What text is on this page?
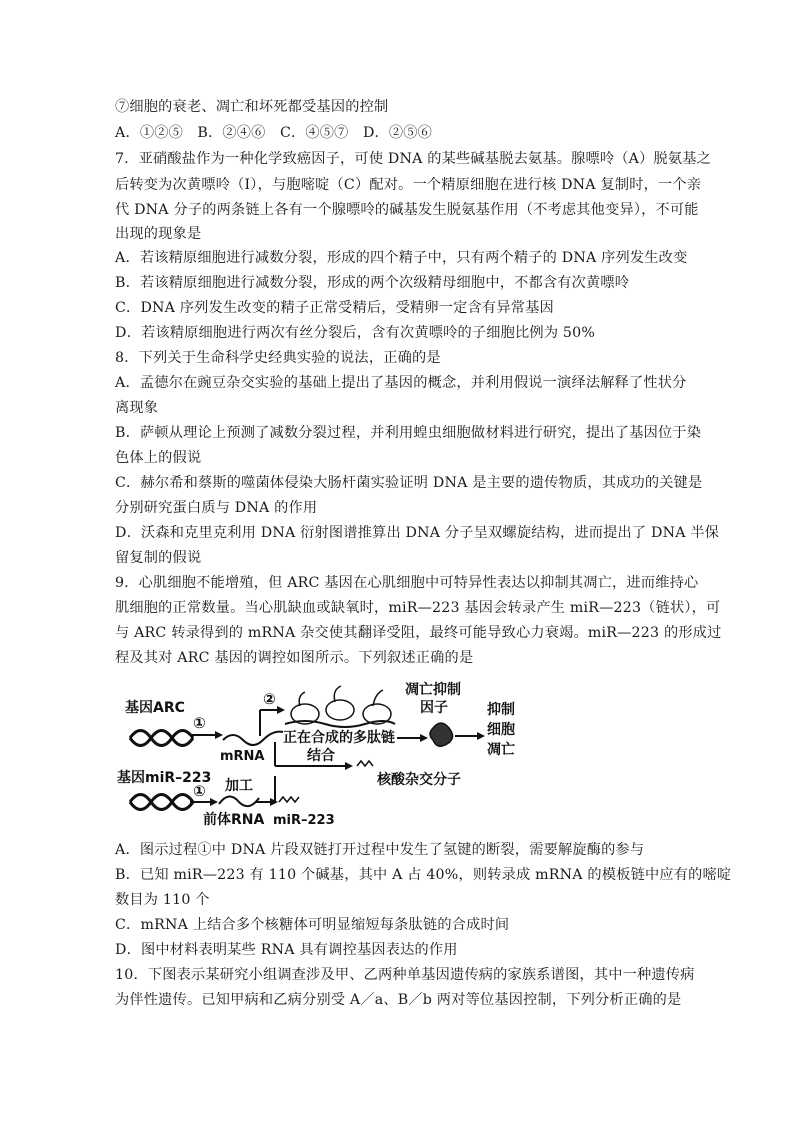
⑦细胞的衰老、凋亡和坏死都受基因的控制
A．①②⑤　B．②④⑥　C．④⑤⑦　D．②⑤⑥
7．亚硝酸盐作为一种化学致癌因子，可使 DNA 的某些碱基脱去氨基。腺嘌呤（A）脱氨基之
后转变为次黄嘌呤（I），与胞嘧啶（C）配对。一个精原细胞在进行核 DNA 复制时，一个亲
代 DNA 分子的两条链上各有一个腺嘌呤的碱基发生脱氨基作用（不考虑其他变异），不可能
出现的现象是
A．若该精原细胞进行减数分裂，形成的四个精子中，只有两个精子的 DNA 序列发生改变
B．若该精原细胞进行减数分裂，形成的两个次级精母细胞中，不都含有次黄嘌呤
C．DNA 序列发生改变的精子正常受精后，受精卵一定含有异常基因
D．若该精原细胞进行两次有丝分裂后，含有次黄嘌呤的子细胞比例为 50%
8．下列关于生命科学史经典实验的说法，正确的是
A．孟德尔在豌豆杂交实验的基础上提出了基因的概念，并利用假说一演绎法解释了性状分
离现象
B．萨顿从理论上预测了减数分裂过程，并利用蝗虫细胞做材料进行研究，提出了基因位于染
色体上的假说
C．赫尔希和蔡斯的噬菌体侵染大肠杆菌实验证明 DNA 是主要的遗传物质，其成功的关键是
分别研究蛋白质与 DNA 的作用
D．沃森和克里克利用 DNA 衍射图谱推算出 DNA 分子呈双螺旋结构，进而提出了 DNA 半保
留复制的假说
9．心肌细胞不能增殖，但 ARC 基因在心肌细胞中可特异性表达以抑制其凋亡，进而维持心
肌细胞的正常数量。当心肌缺血或缺氧时，miR—223 基因会转录产生 miR—223（链状），可
与 ARC 转录得到的 mRNA 杂交使其翻译受阻，最终可能导致心力衰竭。miR—223 的形成过
程及其对 ARC 基因的调控如图所示。下列叙述正确的是
基因ARC
①
mRNA
②
正在合成的多肽链
凋亡抑制
因子	抑制
细胞
凋亡
结合
核酸杂交分子
基因miR–223
①
前体RNA
加工
miR–223
A．图示过程①中 DNA 片段双链打开过程中发生了氢键的断裂，需要解旋酶的参与
B．已知 miR—223 有 110 个碱基，其中 A 占 40%，则转录成 mRNA 的模板链中应有的嘧啶
数目为 110 个
C．mRNA 上结合多个核糖体可明显缩短每条肽链的合成时间
D．图中材料表明某些 RNA 具有调控基因表达的作用
10．下图表示某研究小组调查涉及甲、乙两种单基因遗传病的家族系谱图，其中一种遗传病
为伴性遗传。已知甲病和乙病分别受 A／a、B／b 两对等位基因控制，下列分析正确的是
